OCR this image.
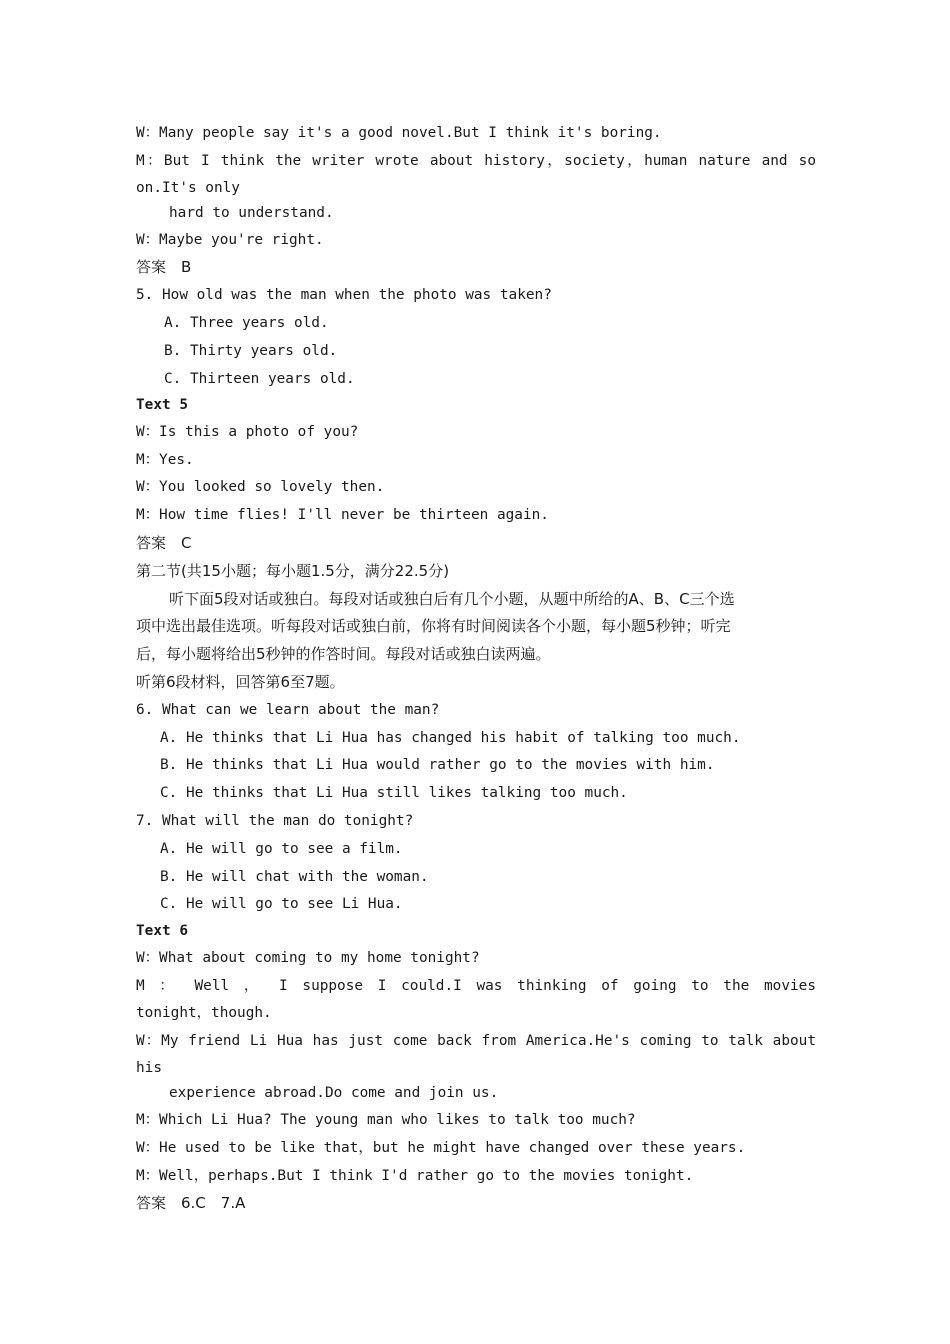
W：Many people say it's a good novel.But I think it's boring.
M：But I think the writer wrote about history，society，human nature and so
on.It's only
hard to understand.
W：Maybe you're right.
答案　B
5. How old was the man when the photo was taken?
A. Three years old.
B. Thirty years old.
C. Thirteen years old.
Text 5
W：Is this a photo of you?
M：Yes.
W：You looked so lovely then.
M：How time flies! I'll never be thirteen again.
答案　C
第二节(共15小题；每小题1.5分，满分22.5分)
听下面5段对话或独白。每段对话或独白后有几个小题，从题中所给的A、B、C三个选
项中选出最佳选项。听每段对话或独白前，你将有时间阅读各个小题，每小题5秒钟；听完
后，每小题将给出5秒钟的作答时间。每段对话或独白读两遍。
听第6段材料，回答第6至7题。
6. What can we learn about the man?
A. He thinks that Li Hua has changed his habit of talking too much.
B. He thinks that Li Hua would rather go to the movies with him.
C. He thinks that Li Hua still likes talking too much.
7. What will the man do tonight?
A. He will go to see a film.
B. He will chat with the woman.
C. He will go to see Li Hua.
Text 6
W：What about coming to my home tonight?
M ： Well ， I suppose I could.I was thinking of going to the movies
tonight，though.
W：My friend Li Hua has just come back from America.He's coming to talk about
his
experience abroad.Do come and join us.
M：Which Li Hua? The young man who likes to talk too much?
W：He used to be like that，but he might have changed over these years.
M：Well，perhaps.But I think I'd rather go to the movies tonight.
答案　6.C　7.A
